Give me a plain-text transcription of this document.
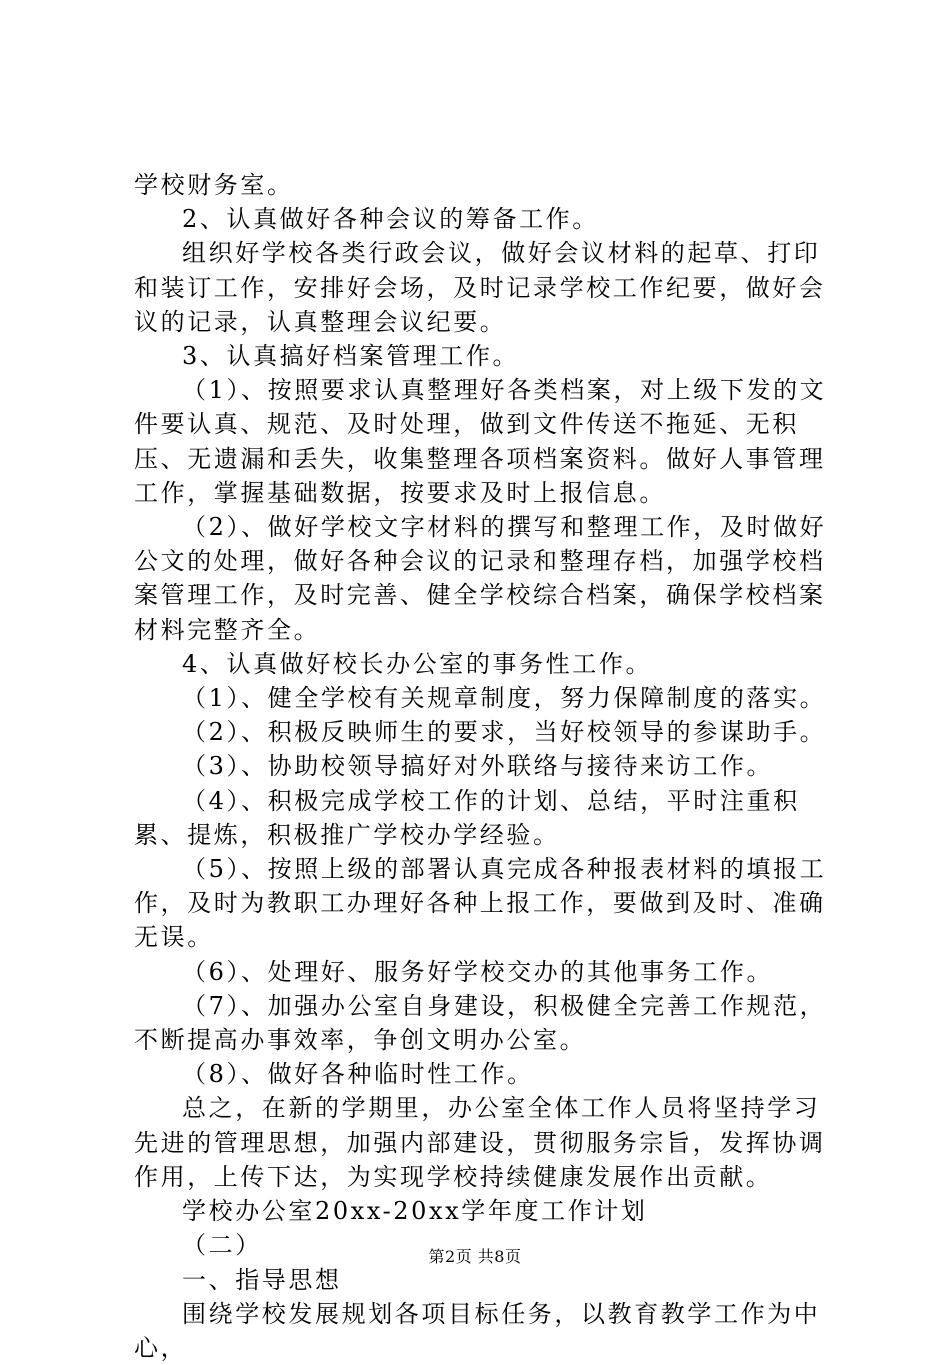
学校财务室。

2、认真做好各种会议的筹备工作。

组织好学校各类行政会议，做好会议材料的起草、打印和装订工作，安排好会场，及时记录学校工作纪要，做好会议的记录，认真整理会议纪要。

3、认真搞好档案管理工作。

（1）、按照要求认真整理好各类档案，对上级下发的文件要认真、规范、及时处理，做到文件传送不拖延、无积压、无遗漏和丢失，收集整理各项档案资料。做好人事管理工作，掌握基础数据，按要求及时上报信息。

（2）、做好学校文字材料的撰写和整理工作，及时做好公文的处理，做好各种会议的记录和整理存档，加强学校档案管理工作，及时完善、健全学校综合档案，确保学校档案材料完整齐全。

4、认真做好校长办公室的事务性工作。

（1）、健全学校有关规章制度，努力保障制度的落实。

（2）、积极反映师生的要求，当好校领导的参谋助手。

（3）、协助校领导搞好对外联络与接待来访工作。

（4）、积极完成学校工作的计划、总结，平时注重积累、提炼，积极推广学校办学经验。

（5）、按照上级的部署认真完成各种报表材料的填报工作，及时为教职工办理好各种上报工作，要做到及时、准确无误。

（6）、处理好、服务好学校交办的其他事务工作。

（7）、加强办公室自身建设，积极健全完善工作规范，不断提高办事效率，争创文明办公室。

（8）、做好各种临时性工作。

总之，在新的学期里，办公室全体工作人员将坚持学习先进的管理思想，加强内部建设，贯彻服务宗旨，发挥协调作用，上传下达，为实现学校持续健康发展作出贡献。

学校办公室20xx-20xx学年度工作计划

（二）

一、指导思想

围绕学校发展规划各项目标任务，以教育教学工作为中心，

第2页 共8页
